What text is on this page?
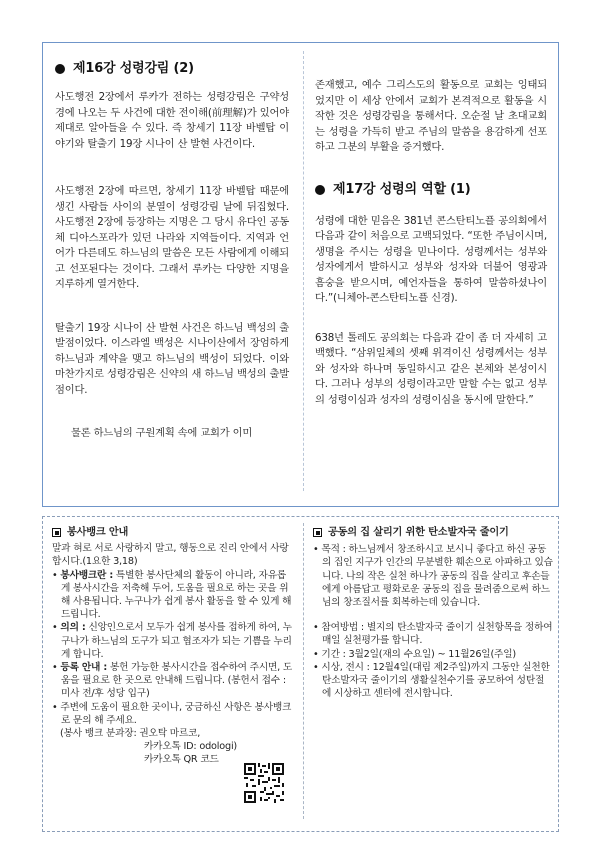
제16강 성령강림 (2)

사도행전 2장에서 루카가 전하는 성령강림은 구약성경에 나오는 두 사건에 대한 전이해(前理解)가 있어야 제대로 알아들을 수 있다. 즉 창세기 11장 바벨탑 이야기와 탈출기 19장 시나이 산 발현 사건이다.

사도행전 2장에 따르면, 창세기 11장 바벨탑 때문에 생긴 사람들 사이의 분열이 성령강림 날에 뒤집혔다. 사도행전 2장에 등장하는 지명은 그 당시 유다인 공동체 디아스포라가 있던 나라와 지역들이다. 지역과 언어가 다른데도 하느님의 말씀은 모든 사람에게 이해되고 선포된다는 것이다. 그래서 루카는 다양한 지명을 지루하게 열거한다.

탈출기 19장 시나이 산 발현 사건은 하느님 백성의 출발점이었다. 이스라엘 백성은 시나이산에서 장엄하게 하느님과 계약을 맺고 하느님의 백성이 되었다. 이와 마찬가지로 성령강림은 신약의 새 하느님 백성의 출발점이다.

물론 하느님의 구원계획 속에 교회가 이미

존재했고, 예수 그리스도의 활동으로 교회는 잉태되었지만 이 세상 안에서 교회가 본격적으로 활동을 시작한 것은 성령강림을 통해서다. 오순절 날 초대교회는 성령을 가득히 받고 주님의 말씀을 용감하게 선포하고 그분의 부활을 증거했다.

제17강 성령의 역할 (1)

성령에 대한 믿음은 381년 콘스탄티노플 공의회에서 다음과 같이 처음으로 고백되었다. “또한 주님이시며, 생명을 주시는 성령을 믿나이다. 성령께서는 성부와 성자에게서 발하시고 성부와 성자와 더불어 영광과 흠숭을 받으시며, 예언자들을 통하여 말씀하셨나이다.”(니체아-콘스탄티노플 신경).

638년 톨레도 공의회는 다음과 같이 좀 더 자세히 고백했다. “삼위일체의 셋째 위격이신 성령께서는 성부와 성자와 하나며 동일하시고 같은 본체와 본성이시다. 그러나 성부의 성령이라고만 말할 수는 없고 성부의 성령이심과 성자의 성령이심을 동시에 말한다.”

봉사뱅크 안내

말과 혀로 서로 사랑하지 말고, 행동으로 진리 안에서 사랑합시다.(1요한 3,18)

• 봉사뱅크란 : 특별한 봉사단체의 활동이 아니라, 자유롭게 봉사시간을 저축해 두어, 도움을 필요로 하는 곳을 위해 사용됩니다. 누구나가 쉽게 봉사 활동을 할 수 있게 해 드립니다.

• 의의 : 신앙인으로서 모두가 쉽게 봉사를 접하게 하여, 누구나가 하느님의 도구가 되고 협조자가 되는 기쁨을 누리게 합니다.

• 등록 안내 : 봉헌 가능한 봉사시간을 접수하여 주시면, 도움을 필요로 한 곳으로 안내해 드립니다. (봉헌서 접수 : 미사 전/후 성당 입구)

• 주변에 도움이 필요한 곳이나, 궁금하신 사항은 봉사뱅크로 문의 해 주세요.

(봉사 뱅크 분과장: 권오탁 마르코,

카카오톡 ID: odologi)

카카오톡 QR 코드

공동의 집 살리기 위한 탄소발자국 줄이기

• 목적 : 하느님께서 창조하시고 보시니 좋다고 하신 공동의 집인 지구가 인간의 무분별한 훼손으로 아파하고 있습니다. 나의 작은 실천 하나가 공동의 집을 살리고 후손들에게 아름답고 평화로운 공동의 집을 물려줌으로써 하느님의 창조질서를 회복하는데 있습니다.

• 참여방법 : 별지의 탄소발자국 줄이기 실천항목을 정하여 매일 실천평가를 합니다.

• 기간 : 3월2일(재의 수요일) ~ 11월26일(주일)

• 시상, 전시 : 12월4일(대림 제2주일)까지 그동안 실천한 탄소발자국 줄이기의 생활실천수기를 공모하여 성탄절에 시상하고 센터에 전시합니다.
